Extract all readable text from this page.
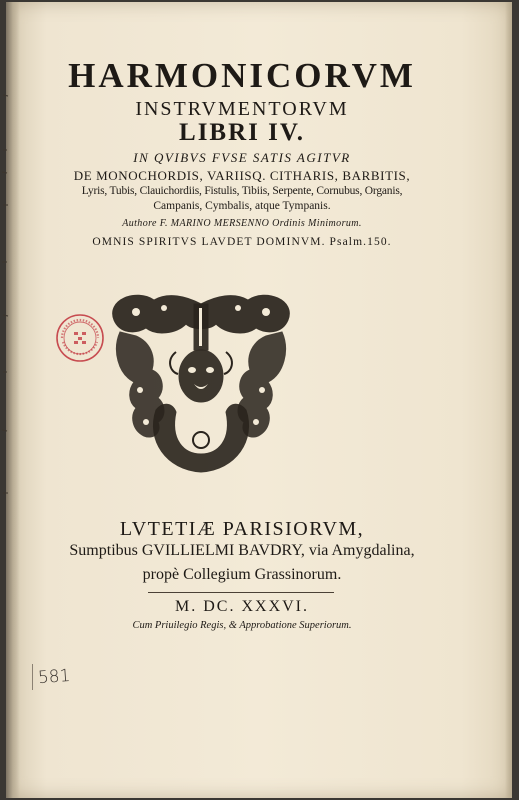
HARMONICORVM
INSTRVMENTORVM
LIBRI IV.
IN QVIBVS FVSE SATIS AGITVR
DE MONOCHORDIS, VARIISQ. CITHARIS, BARBITIS,
Lyris, Tubis, Clauichordiis, Fistulis, Tibiis, Serpente, Cornubus, Organis,
Campanis, Cymbalis, atque Tympanis.
Authore F. MARINO MERSENNO Ordinis Minimorum.
OMNIS SPIRITVS LAVDET DOMINVM. Psalm.150.
LVTETIÆ PARISIORVM,
Sumptibus GVILLIELMI BAVDRY, via Amygdalina,
propè Collegium Grassinorum.
M. DC. XXXVI.
Cum Priuilegio Regis, & Approbatione Superiorum.
581
